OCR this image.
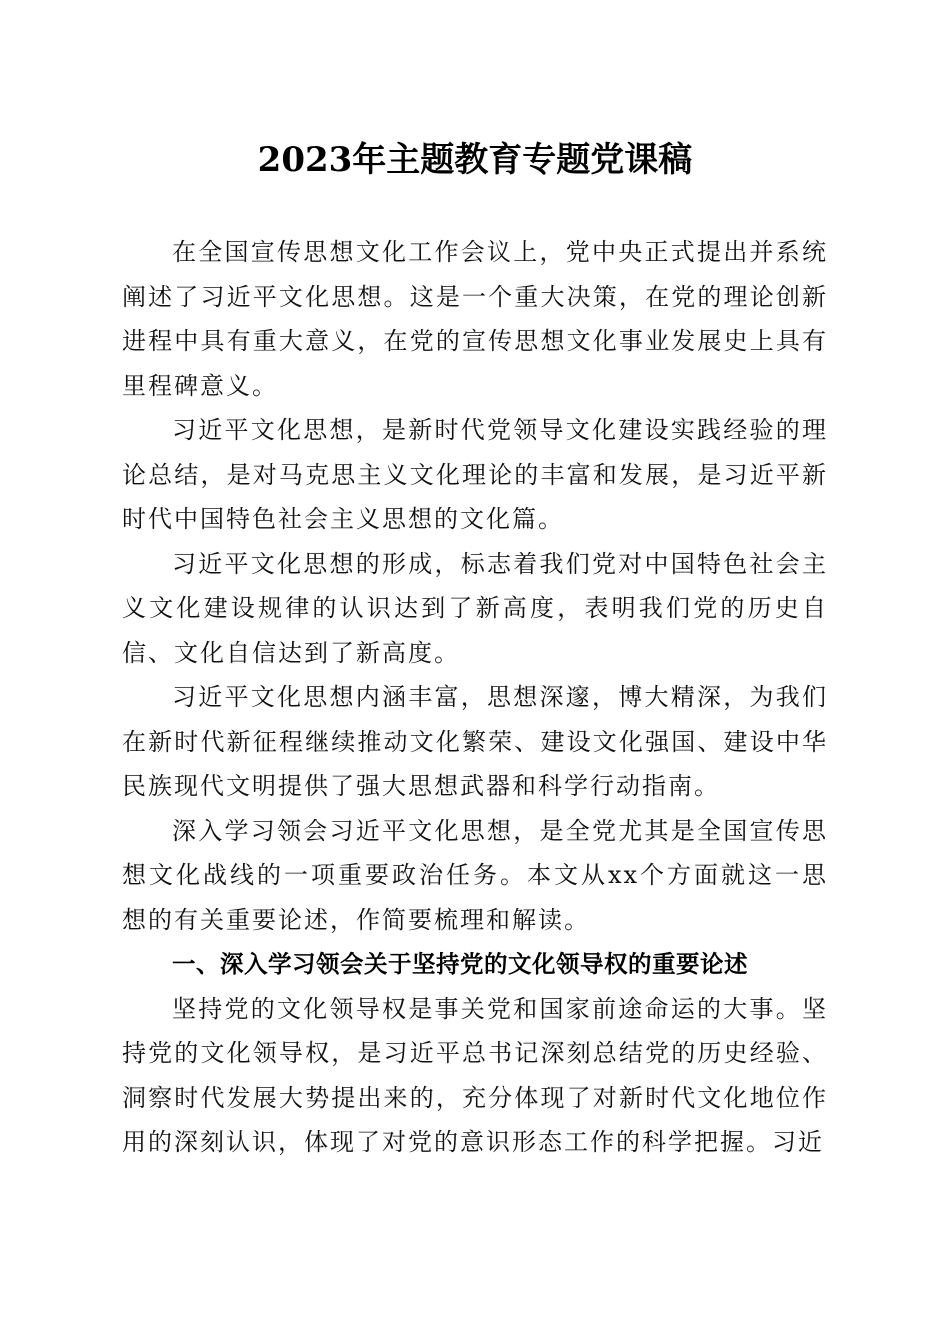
2023年主题教育专题党课稿

在全国宣传思想文化工作会议上，党中央正式提出并系统阐述了习近平文化思想。这是一个重大决策，在党的理论创新进程中具有重大意义，在党的宣传思想文化事业发展史上具有里程碑意义。

习近平文化思想，是新时代党领导文化建设实践经验的理论总结，是对马克思主义文化理论的丰富和发展，是习近平新时代中国特色社会主义思想的文化篇。

习近平文化思想的形成，标志着我们党对中国特色社会主义文化建设规律的认识达到了新高度，表明我们党的历史自信、文化自信达到了新高度。

习近平文化思想内涵丰富，思想深邃，博大精深，为我们在新时代新征程继续推动文化繁荣、建设文化强国、建设中华民族现代文明提供了强大思想武器和科学行动指南。

深入学习领会习近平文化思想，是全党尤其是全国宣传思想文化战线的一项重要政治任务。本文从xx个方面就这一思想的有关重要论述，作简要梳理和解读。

一、深入学习领会关于坚持党的文化领导权的重要论述

坚持党的文化领导权是事关党和国家前途命运的大事。坚持党的文化领导权，是习近平总书记深刻总结党的历史经验、洞察时代发展大势提出来的，充分体现了对新时代文化地位作用的深刻认识，体现了对党的意识形态工作的科学把握。习近
